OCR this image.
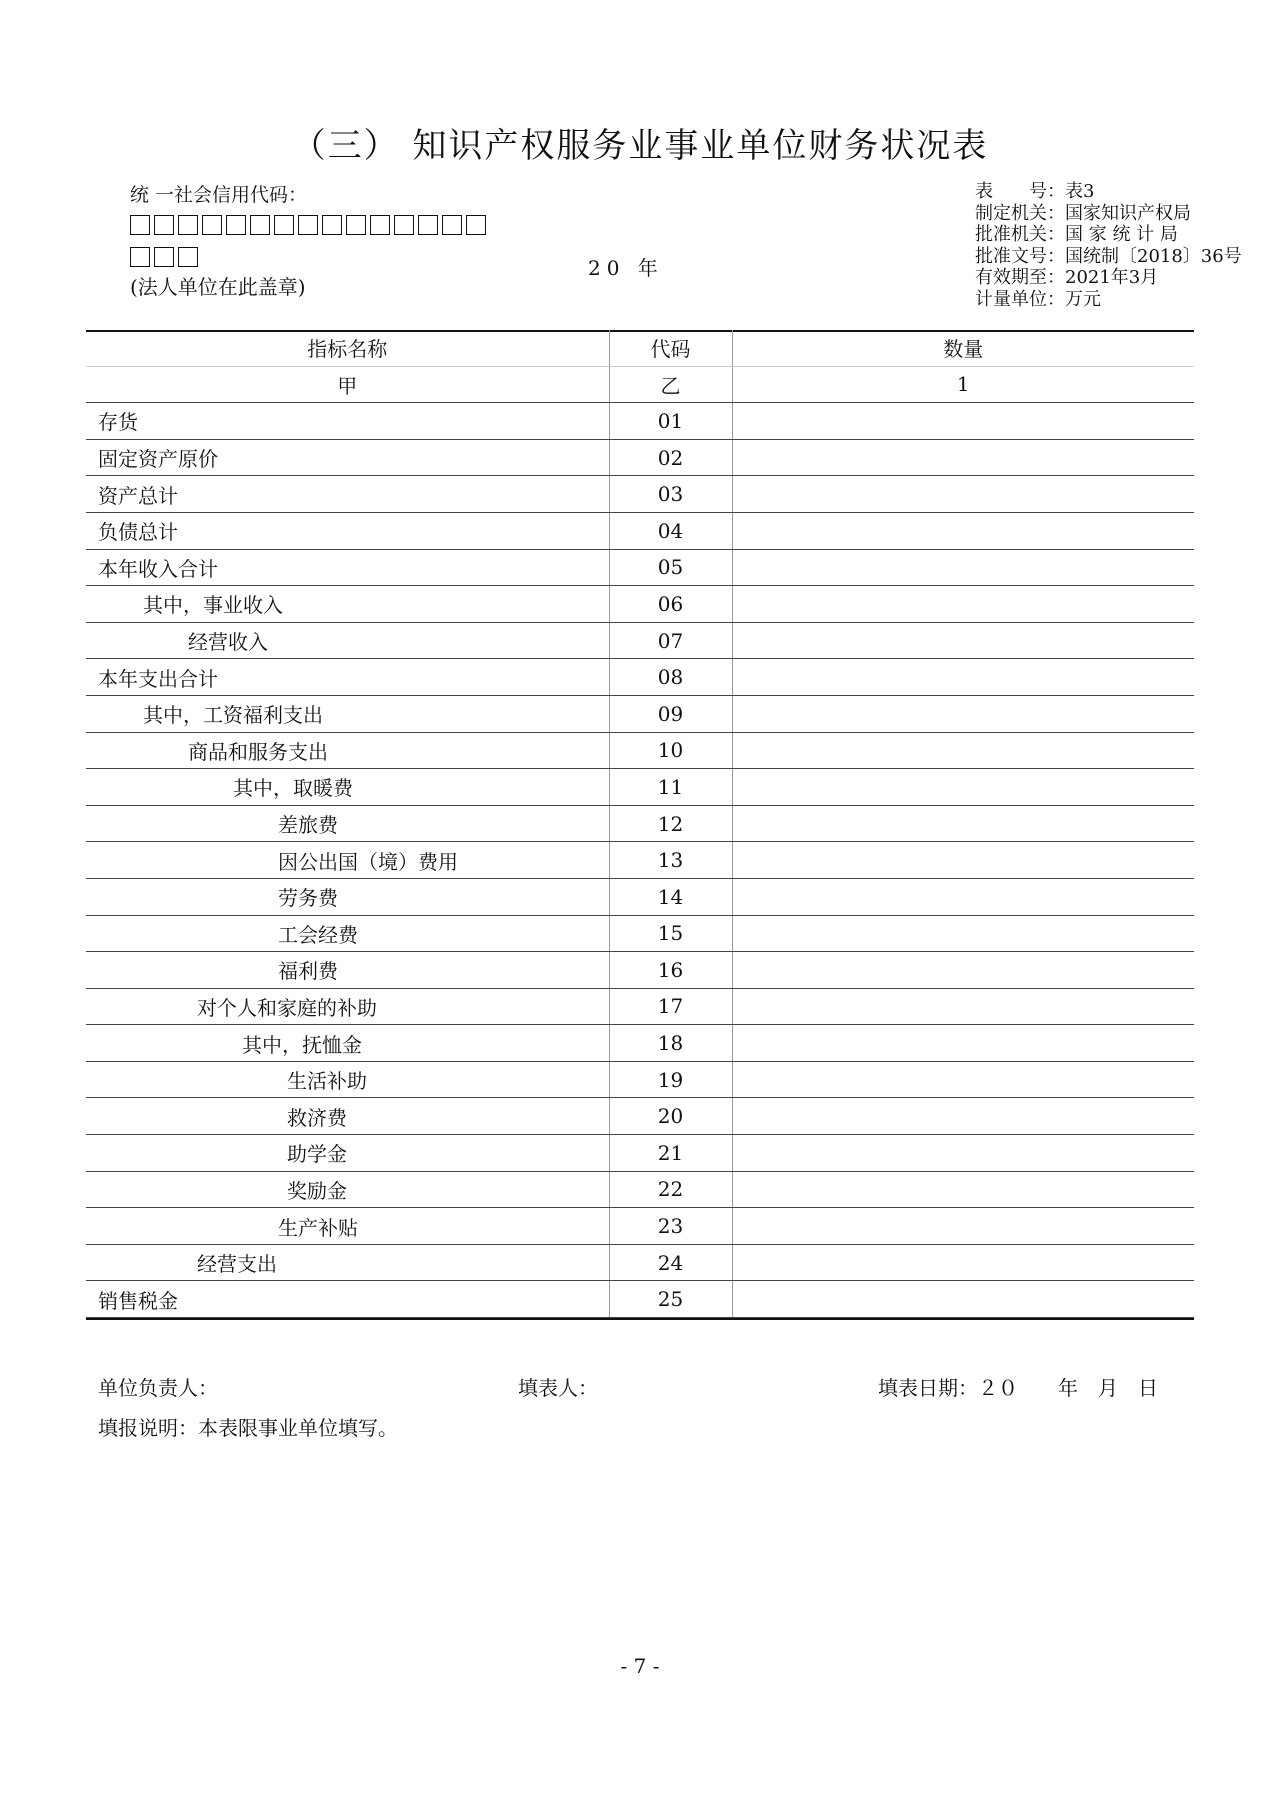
（三） 知识产权服务业事业单位财务状况表
统 一社会信用代码：
(法人单位在此盖章)
20 年
表　　号：表3
制定机关：国家知识产权局
批准机关：国 家 统 计 局
批准文号：国统制〔2018〕36号
有效期至：2021年3月
计量单位：万元
指标名称	代码	数量
甲	乙	1
存货	01	
固定资产原价	02	
资产总计	03	
负债总计	04	
本年收入合计	05	
其中，事业收入	06	
经营收入	07	
本年支出合计	08	
其中，工资福利支出	09	
商品和服务支出	10	
其中，取暖费	11	
差旅费	12	
因公出国（境）费用	13	
劳务费	14	
工会经费	15	
福利费	16	
对个人和家庭的补助	17	
其中，抚恤金	18	
生活补助	19	
救济费	20	
助学金	21	
奖励金	22	
生产补贴	23	
经营支出	24	
销售税金	25	
单位负责人：	填表人：	填表日期：２０　　年　月　日
填报说明：本表限事业单位填写。
- 7 -
